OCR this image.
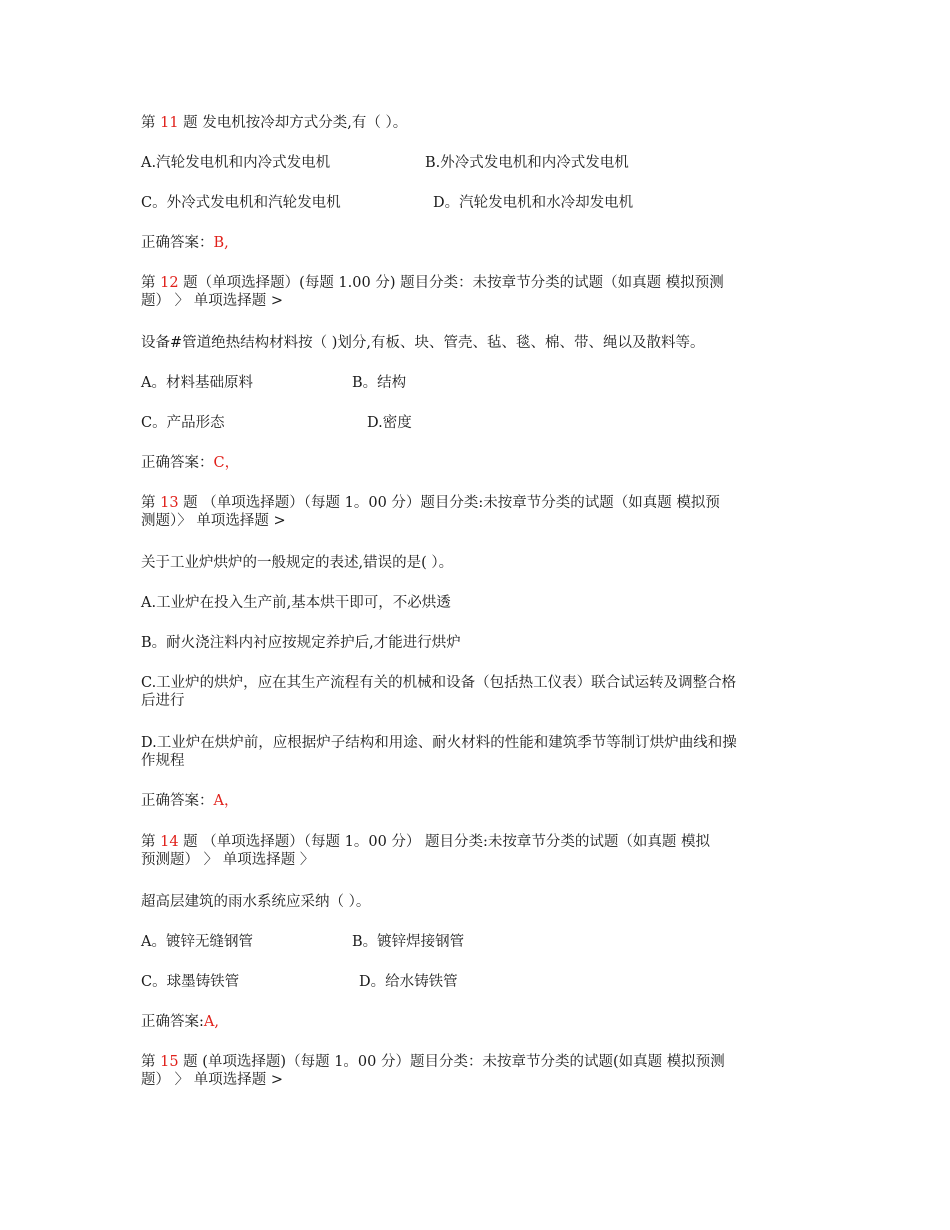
第 11 题 发电机按冷却方式分类,有（ ）。
A.汽轮发电机和内冷式发电机	B.外冷式发电机和内冷式发电机
C。外冷式发电机和汽轮发电机	D。汽轮发电机和水冷却发电机
正确答案：B,
第 12 题（单项选择题）(每题 1.00 分) 题目分类：未按章节分类的试题（如真题 模拟预测
题） 〉 单项选择题 >
设备#管道绝热结构材料按（ )划分,有板、块、管壳、毡、毯、棉、带、绳以及散料等。
A。材料基础原料	B。结构
C。产品形态	D.密度
正确答案：C，
第 13 题 （单项选择题）（每题 1。00 分）题目分类:未按章节分类的试题（如真题 模拟预
测题）〉 单项选择题 >
关于工业炉烘炉的一般规定的表述,错误的是( ）。
A.工业炉在投入生产前,基本烘干即可，不必烘透
B。耐火浇注料内衬应按规定养护后,才能进行烘炉
C.工业炉的烘炉，应在其生产流程有关的机械和设备（包括热工仪表）联合试运转及调整合格
后进行
D.工业炉在烘炉前，应根据炉子结构和用途、耐火材料的性能和建筑季节等制订烘炉曲线和操
作规程
正确答案：A，
第 14 题 （单项选择题）（每题 1。00 分） 题目分类:未按章节分类的试题（如真题 模拟
预测题） 〉 单项选择题 〉
超高层建筑的雨水系统应采纳（ ）。
A。镀锌无缝钢管	B。镀锌焊接钢管
C。球墨铸铁管	D。给水铸铁管
正确答案:A,
第 15 题 (单项选择题)（每题 1。00 分）题目分类：未按章节分类的试题(如真题 模拟预测
题） 〉 单项选择题 >
